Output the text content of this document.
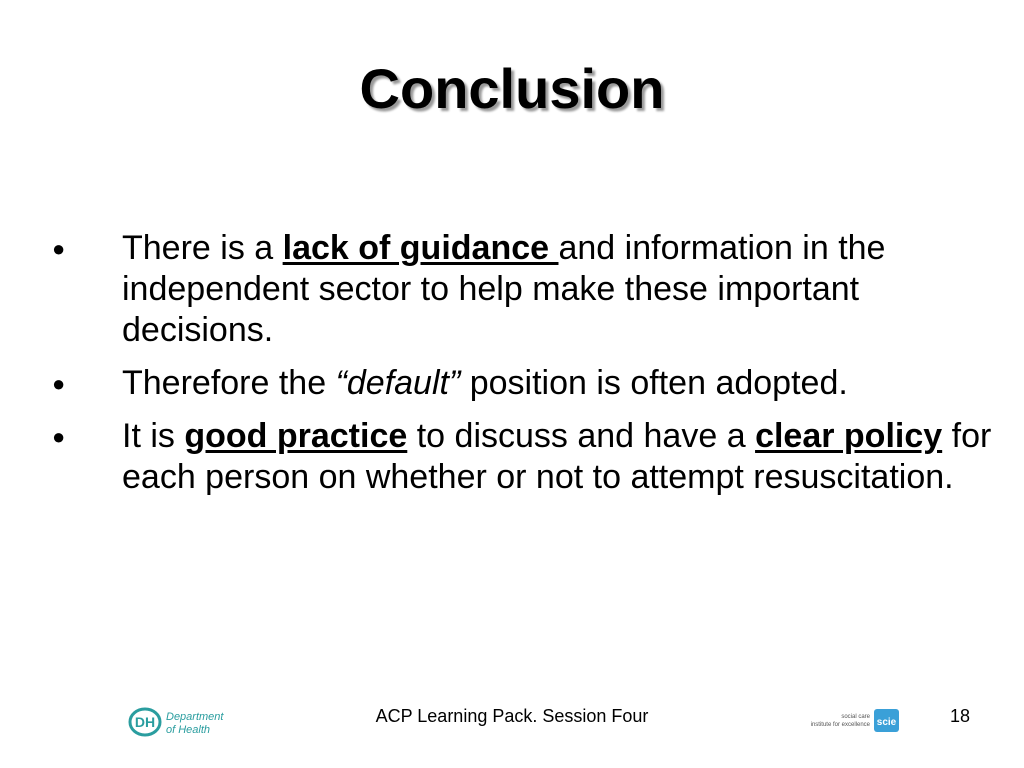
Conclusion
● There is a lack of guidance and information in the independent sector to help make these important decisions.
● Therefore the “default” position is often adopted.
● It is good practice to discuss and have a clear policy for each person on whether or not to attempt resuscitation.
DH Department
of Health
ACP Learning Pack. Session Four	social care
institute for excellence scie	18
